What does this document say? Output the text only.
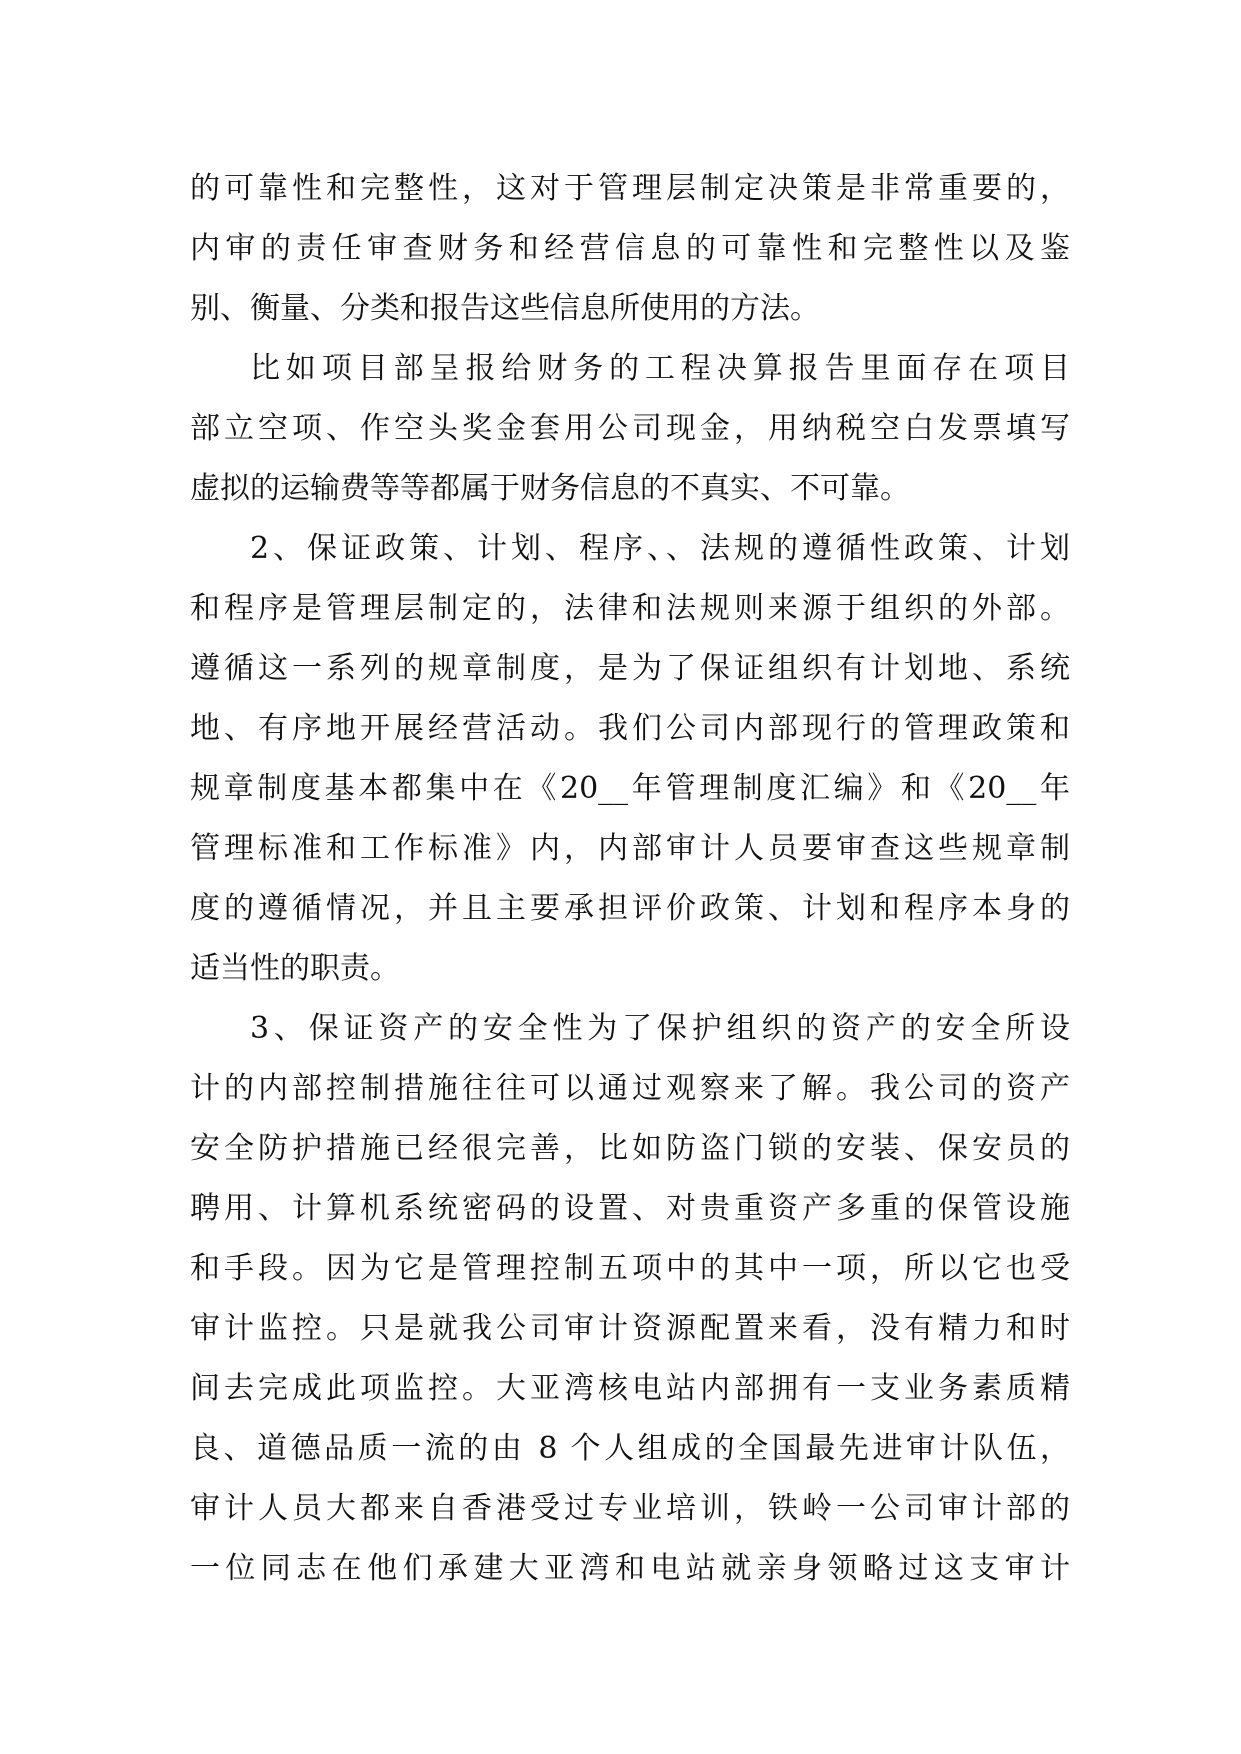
的可靠性和完整性，这对于管理层制定决策是非常重要的，
内审的责任审查财务和经营信息的可靠性和完整性以及鉴
别、衡量、分类和报告这些信息所使用的方法。
比如项目部呈报给财务的工程决算报告里面存在项目
部立空项、作空头奖金套用公司现金，用纳税空白发票填写
虚拟的运输费等等都属于财务信息的不真实、不可靠。
2、保证政策、计划、程序、、法规的遵循性政策、计划
和程序是管理层制定的，法律和法规则来源于组织的外部。
遵循这一系列的规章制度，是为了保证组织有计划地、系统
地、有序地开展经营活动。我们公司内部现行的管理政策和
规章制度基本都集中在《20__年管理制度汇编》和《20__年
管理标准和工作标准》内，内部审计人员要审查这些规章制
度的遵循情况，并且主要承担评价政策、计划和程序本身的
适当性的职责。
3、保证资产的安全性为了保护组织的资产的安全所设
计的内部控制措施往往可以通过观察来了解。我公司的资产
安全防护措施已经很完善，比如防盗门锁的安装、保安员的
聘用、计算机系统密码的设置、对贵重资产多重的保管设施
和手段。因为它是管理控制五项中的其中一项，所以它也受
审计监控。只是就我公司审计资源配置来看，没有精力和时
间去完成此项监控。大亚湾核电站内部拥有一支业务素质精
良、道德品质一流的由 8 个人组成的全国最先进审计队伍，
审计人员大都来自香港受过专业培训，铁岭一公司审计部的
一位同志在他们承建大亚湾和电站就亲身领略过这支审计
